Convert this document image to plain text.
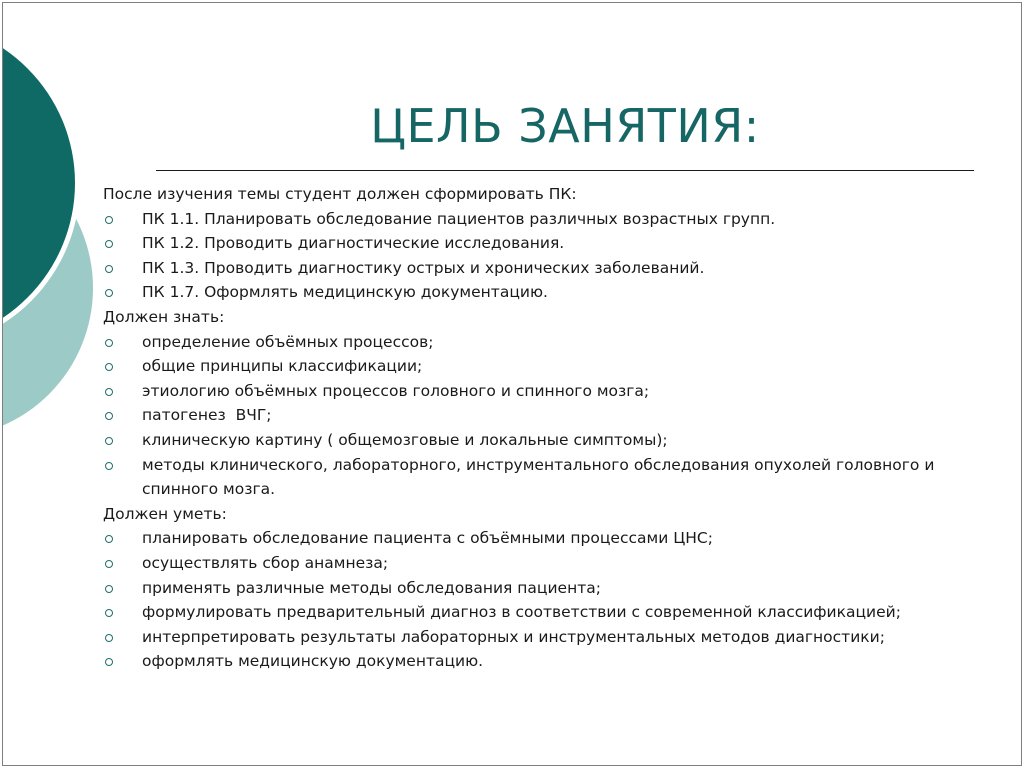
ЦЕЛЬ ЗАНЯТИЯ:
После изучения темы студент должен сформировать ПК:
ПК 1.1. Планировать обследование пациентов различных возрастных групп.
ПК 1.2. Проводить диагностические исследования.
ПК 1.3. Проводить диагностику острых и хронических заболеваний.
ПК 1.7. Оформлять медицинскую документацию.
Должен знать:
определение объёмных процессов;
общие принципы классификации;
этиологию объёмных процессов головного и спинного мозга;
патогенез  ВЧГ;
клиническую картину ( общемозговые и локальные симптомы);
методы клинического, лабораторного, инструментального обследования опухолей головного и спинного мозга.
Должен уметь:
планировать обследование пациента с объёмными процессами ЦНС;
осуществлять сбор анамнеза;
применять различные методы обследования пациента;
формулировать предварительный диагноз в соответствии с современной классификацией;
интерпретировать результаты лабораторных и инструментальных методов диагностики;
оформлять медицинскую документацию.
